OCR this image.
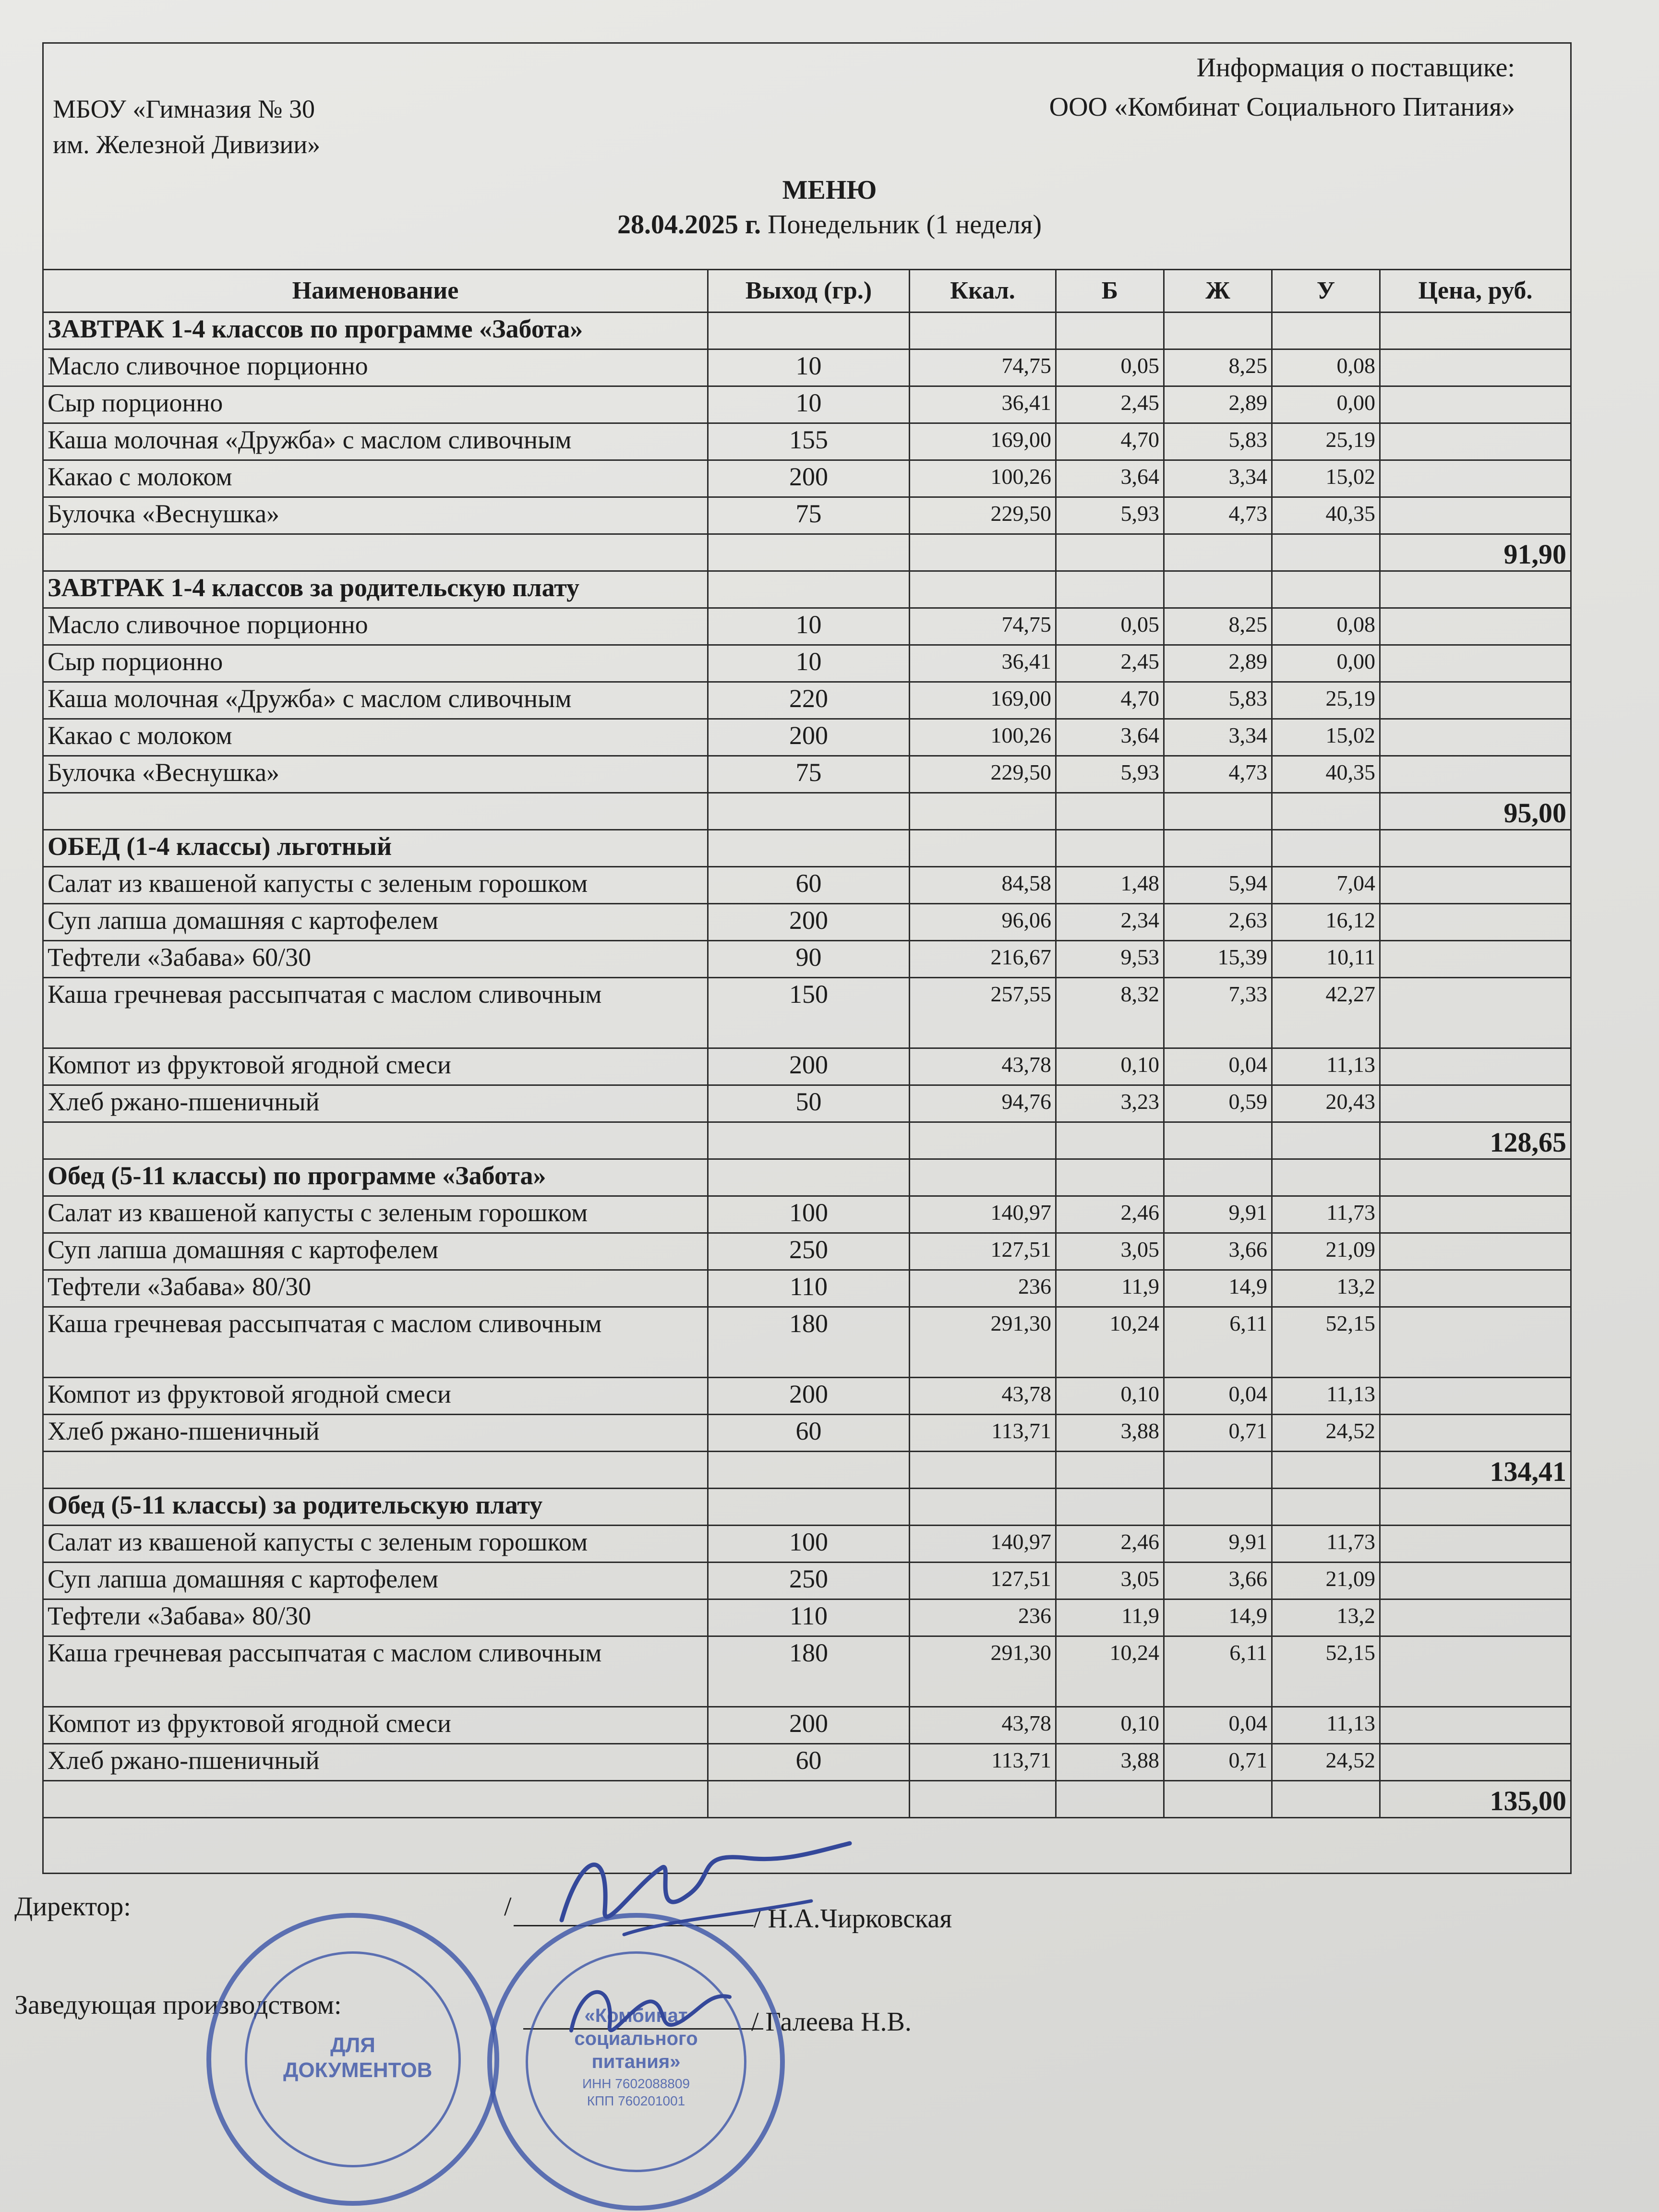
МБОУ «Гимназия № 30
им. Железной Дивизии»
Информация о поставщике:
ООО «Комбинат Социального Питания»
МЕНЮ
28.04.2025 г. Понедельник (1 неделя)
Наименование	Выход (гр.)	Ккал.	Б	Ж	У	Цена, руб.
ЗАВТРАК 1-4 классов по программе «Забота»						
Масло сливочное порционно	10	74,75	0,05	8,25	0,08	
Сыр порционно	10	36,41	2,45	2,89	0,00	
Каша молочная «Дружба» с маслом сливочным	155	169,00	4,70	5,83	25,19	
Какао с молоком	200	100,26	3,64	3,34	15,02	
Булочка «Веснушка»	75	229,50	5,93	4,73	40,35	
						91,90
ЗАВТРАК 1-4 классов за родительскую плату						
Масло сливочное порционно	10	74,75	0,05	8,25	0,08	
Сыр порционно	10	36,41	2,45	2,89	0,00	
Каша молочная «Дружба» с маслом сливочным	220	169,00	4,70	5,83	25,19	
Какао с молоком	200	100,26	3,64	3,34	15,02	
Булочка «Веснушка»	75	229,50	5,93	4,73	40,35	
						95,00
ОБЕД (1-4 классы) льготный						
Салат из квашеной капусты с зеленым горошком	60	84,58	1,48	5,94	7,04	
Суп лапша домашняя с картофелем	200	96,06	2,34	2,63	16,12	
Тефтели «Забава» 60/30	90	216,67	9,53	15,39	10,11	
Каша гречневая рассыпчатая с маслом сливочным	150	257,55	8,32	7,33	42,27	
Компот из фруктовой ягодной смеси	200	43,78	0,10	0,04	11,13	
Хлеб ржано-пшеничный	50	94,76	3,23	0,59	20,43	
						128,65
Обед (5-11 классы) по программе «Забота»						
Салат из квашеной капусты с зеленым горошком	100	140,97	2,46	9,91	11,73	
Суп лапша домашняя с картофелем	250	127,51	3,05	3,66	21,09	
Тефтели «Забава» 80/30	110	236	11,9	14,9	13,2	
Каша гречневая рассыпчатая с маслом сливочным	180	291,30	10,24	6,11	52,15	
Компот из фруктовой ягодной смеси	200	43,78	0,10	0,04	11,13	
Хлеб ржано-пшеничный	60	113,71	3,88	0,71	24,52	
						134,41
Обед (5-11 классы) за родительскую плату						
Салат из квашеной капусты с зеленым горошком	100	140,97	2,46	9,91	11,73	
Суп лапша домашняя с картофелем	250	127,51	3,05	3,66	21,09	
Тефтели «Забава» 80/30	110	236	11,9	14,9	13,2	
Каша гречневая рассыпчатая с маслом сливочным	180	291,30	10,24	6,11	52,15	
Компот из фруктовой ягодной смеси	200	43,78	0,10	0,04	11,13	
Хлеб ржано-пшеничный	60	113,71	3,88	0,71	24,52	
						135,00
Директор:	/	/ Н.А.Чирковская
Заведующая производством:
/ Галеева Н.В.
ДЛЯ ДОКУМЕНТОВ
«Комбинат социального питания»
ИНН 7602088809
КПП 760201001
